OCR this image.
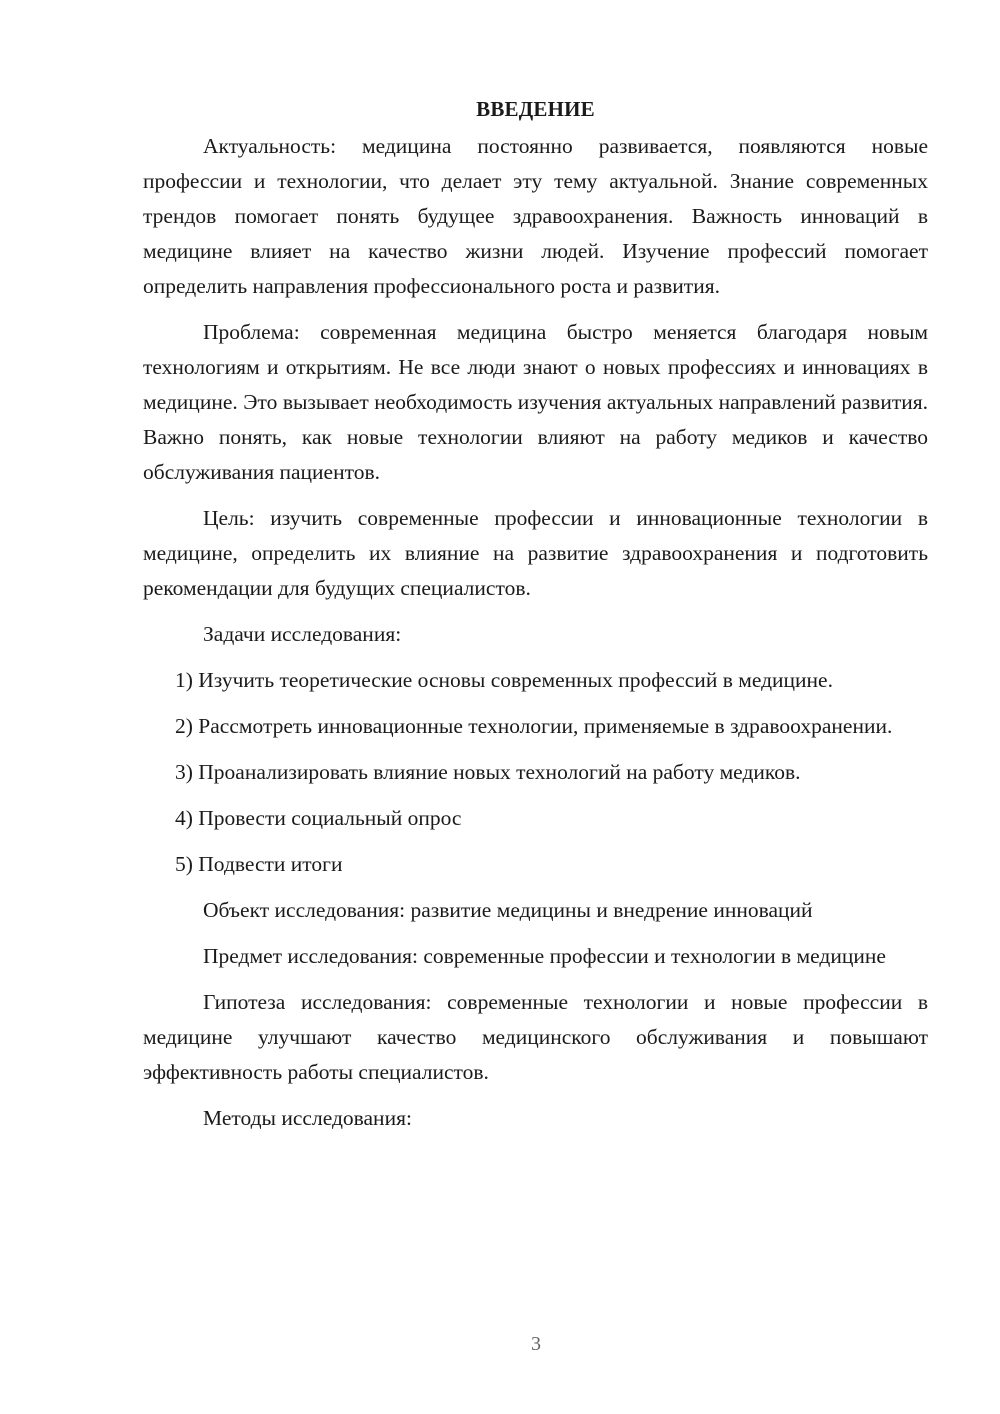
ВВЕДЕНИЕ

Актуальность: медицина постоянно развивается, появляются новые профессии и технологии, что делает эту тему актуальной. Знание современных трендов помогает понять будущее здравоохранения. Важность инноваций в медицине влияет на качество жизни людей. Изучение профессий помогает определить направления профессионального роста и развития.

Проблема: современная медицина быстро меняется благодаря новым технологиям и открытиям. Не все люди знают о новых профессиях и инновациях в медицине. Это вызывает необходимость изучения актуальных направлений развития. Важно понять, как новые технологии влияют на работу медиков и качество обслуживания пациентов.

Цель: изучить современные профессии и инновационные технологии в медицине, определить их влияние на развитие здравоохранения и подготовить рекомендации для будущих специалистов.

Задачи исследования:

1) Изучить теоретические основы современных профессий в медицине.

2) Рассмотреть инновационные технологии, применяемые в здравоохранении.

3) Проанализировать влияние новых технологий на работу медиков.

4) Провести социальный опрос

5) Подвести итоги

Объект исследования: развитие медицины и внедрение инноваций

Предмет исследования: современные профессии и технологии в медицине

Гипотеза исследования: современные технологии и новые профессии в медицине улучшают качество медицинского обслуживания и повышают эффективность работы специалистов.

Методы исследования:

3
